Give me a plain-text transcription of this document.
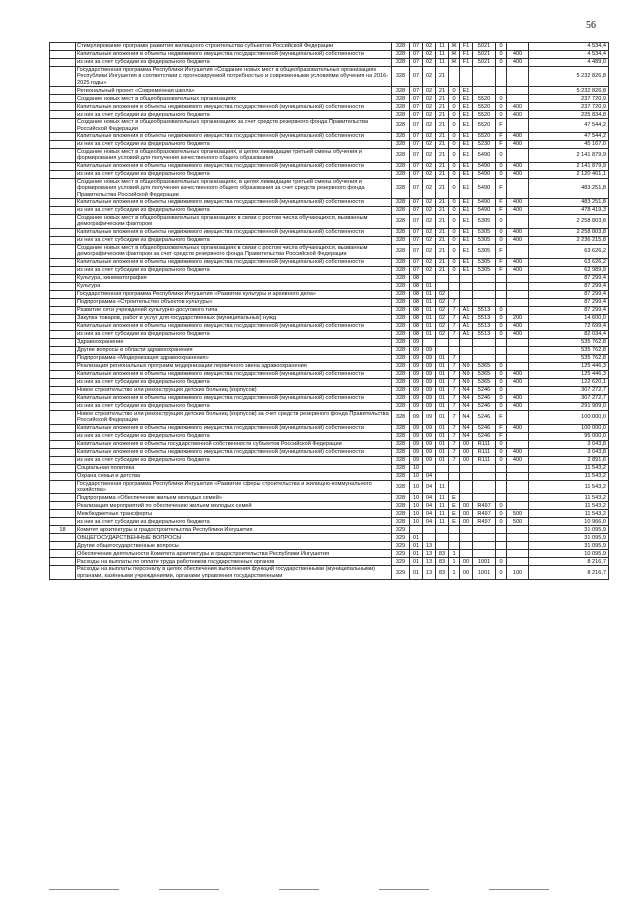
56
	Стимулирование программ развития жилищного строительства субъектов Российской Федерации	328	07	02	11	Ж	F1	5021	0		4 534,4
	Капитальные вложения в объекты недвижимого имущества государственной (муниципальной) собственности	328	07	02	11	Ж	F1	5021	0	400	4 534,4
	из них за счет субсидии из федерального бюджета	328	07	02	11	Ж	F1	5021	0	400	4 489,0
	Государственная программа Республики Ингушетия «Создание новых мест в общеобразовательных организациях Республики Ингушетия в соответствии с прогнозируемой потребностью и современными условиями обучения на 2016-2025 годы»	328	07	02	21						5 232 826,8
	Региональный проект «Современная школа»	328	07	02	21	0	E1				5 232 826,8
	Создание новых мест в общеобразовательных организациях	328	07	02	21	0	E1	5520	0		237 720,9
	Капитальные вложения в объекты недвижимого имущества государственной (муниципальной) собственности	328	07	02	21	0	E1	5520	0	400	237 720,9
	из них за счет субсидии из федерального бюджета	328	07	02	21	0	E1	5520	0	400	225 834,8
	Создание новых мест в общеобразовательных организациях за счет средств резервного фонда Правительства Российской Федерации	328	07	02	21	0	E1	5520	F		47 544,2
	Капитальные вложения в объекты недвижимого имущества государственной (муниципальной) собственности	328	07	02	21	0	E1	5520	F	400	47 544,2
	из них за счет субсидии из федерального бюджета	328	07	02	21	0	E1	5230	F	400	45 167,0
	Создание новых мест в общеобразовательных организациях, в целях ликвидации третьей смены обучения и формирования условий для получения качественного общего образования	328	07	02	21	0	E1	5490	0		2 141 879,9
	Капитальные вложения в объекты недвижимого имущества государственной (муниципальной) собственности	328	07	02	21	0	E1	5490	0	400	2 141 879,9
	из них за счет субсидии из федерального бюджета	328	07	02	21	0	E1	5490	0	400	2 120 461,1
	Создание новых мест в общеобразовательных организациях, в целях ликвидации третьей смены обучения и формирования условий для получения качественного общего образования за счет средств резервного фонда Правительства Российской Федерации	328	07	02	21	0	E1	5490	F		483 251,8
	Капитальные вложения в объекты недвижимого имущества государственной (муниципальной) собственности	328	07	02	21	0	E1	5490	F	400	483 251,8
	из них за счет субсидии из федерального бюджета	328	07	02	21	0	E1	5490	F	400	478 419,3
	Создание новых мест в общеобразовательных организациях в связи с ростом числа обучающихся, вызванным демографическим фактором	328	07	02	21	0	E1	5305	0		2 258 803,8
	Капитальные вложения в объекты недвижимого имущества государственной (муниципальной) собственности	328	07	02	21	0	E1	5305	0	400	2 258 803,8
	из них за счет субсидии из федерального бюджета	328	07	02	21	0	E1	5305	0	400	2 236 215,8
	Создание новых мест в общеобразовательных организациях в связи с ростом числа обучающихся, вызванным демографическим фактором за счет средств резервного фонда Правительства Российской Федерации	328	07	02	21	0	E1	5305	F		63 626,2
	Капитальные вложения в объекты недвижимого имущества государственной (муниципальной) собственности	328	07	02	21	0	E1	5305	F	400	63 626,2
	из них за счет субсидии из федерального бюджета	328	07	02	21	0	E1	5305	F	400	62 989,9
	Культура, кинематография	328	08								87 299,4
	Культура	328	08	01							87 299,4
	Государственная программа Республики Ингушетия «Развитие культуры и архивного дела»	328	08	01	02						87 299,4
	Подпрограмма «Строительство объектов культуры»	328	08	01	02	7					87 299,4
	Развитие сети учреждений культурно-досугового типа	328	08	01	02	7	A1	5513	0		87 299,4
	Закупка товаров, работ и услуг для государственных (муниципальных) нужд	328	08	01	02	7	A1	5513	0	200	14 600,0
	Капитальные вложения в объекты недвижимого имущества государственной (муниципальной) собственности	328	08	01	02	7	A1	5513	0	400	72 699,4
	из них за счет субсидии из федерального бюджета	328	08	01	02	7	A1	5513	0	400	82 034,4
	Здравоохранение	328	09								535 762,8
	Другие вопросы в области здравоохранения	328	09	09							535 762,8
	Подпрограмма «Модернизация здравоохранения»	328	09	09	01	7					535 762,8
	Реализация региональных программ модернизации первичного звена здравоохранения	328	09	09	01	7	N9	5365	0		125 446,3
	Капитальные вложения в объекты недвижимого имущества государственной (муниципальной) собственности	328	09	09	01	7	N9	5365	0	400	125 446,3
	из них за счет субсидии из федерального бюджета	328	09	09	01	7	N9	5365	0	400	122 620,1
	Новое строительство или реконструкция детских больниц (корпусов)	328	09	09	01	7	N4	5246	0		307 272,7
	Капитальные вложения в объекты недвижимого имущества государственной (муниципальной) собственности	328	09	09	01	7	N4	5246	0	400	307 272,7
	из них за счет субсидии из федерального бюджета	328	09	09	01	7	N4	5246	0	400	291 909,0
	Новое строительство или реконструкция детских больниц (корпусов) за счет средств резервного фонда Правительства Российской Федерации	328	09	09	01	7	N4	5246	F		100 000,0
	Капитальные вложения в объекты недвижимого имущества государственной (муниципальной) собственности	328	09	09	01	7	N4	5246	F	400	100 000,0
	из них за счет субсидии из федерального бюджета	328	09	09	01	7	N4	5246	F		95 000,0
	Капитальные вложения в объекты государственной собственности субъектов Российской Федерации	328	09	09	01	7	00	R111	0		3 043,8
	Капитальные вложения в объекты недвижимого имущества государственной (муниципальной) собственности	328	09	09	01	7	00	R111	0	400	3 043,8
	из них за счет субсидии из федерального бюджета	328	09	09	01	7	00	R111	0	400	2 891,6
	Социальная политика	328	10								11 543,2
	Охрана семьи и детства	328	10	04							11 543,2
	Государственная программа Республики Ингушетия «Развитие сферы строительства и жилищно-коммунального хозяйства»	328	10	04	11						11 543,2
	Подпрограмма «Обеспечение жильем молодых семей»	328	10	04	11	E					11 543,2
	Реализация мероприятий по обеспечению жильем молодых семей	328	10	04	11	E	00	R497	0		11 543,2
	Межбюджетные трансферты	328	10	04	11	E	00	R497	0	500	11 543,2
	из них за счет субсидии из федерального бюджета	328	10	04	11	E	00	R497	0	500	10 966,0
18	Комитет архитектуры и градостроительства Республики Ингушетия	329									31 095,9
	ОБЩЕГОСУДАРСТВЕННЫЕ ВОПРОСЫ	329	01								31 095,9
	Другие общегосударственные вопросы	329	01	13							31 095,9
	Обеспечение деятельности Комитета архитектуры и градостроительства Республики Ингушетия	329	01	13	83	1					10 095,9
	Расходы на выплаты по оплате труда работников государственных органов	329	01	13	83	1	00	1001	0		8 216,7
	Расходы на выплаты персоналу в целях обеспечения выполнения функций государственными (муниципальными) органами, казёнными учреждениями, органами управления государственными	329	01	13	83	1	00	1001	0	100	8 216,7
